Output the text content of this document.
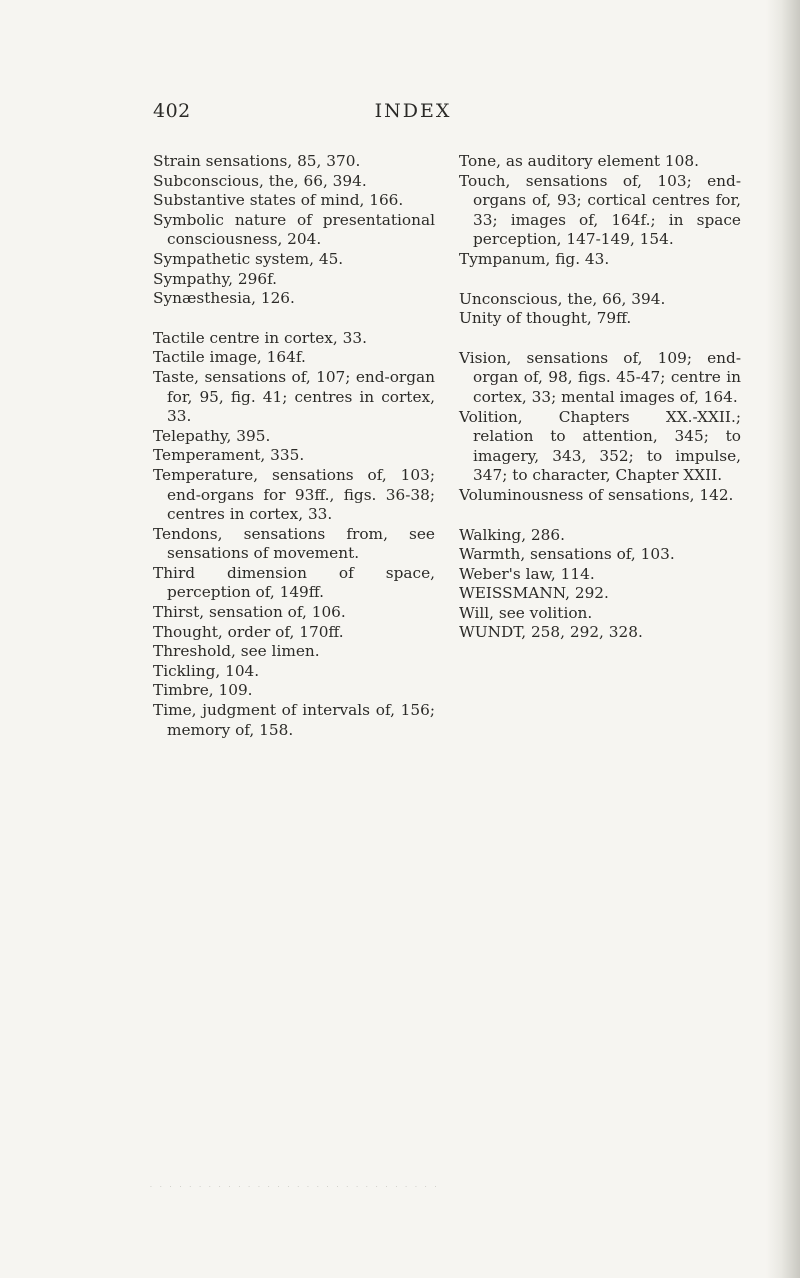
INDEX
402
Strain sensations, 85, 370.
Subconscious, the, 66, 394.
Substantive states of mind, 166.
Symbolic nature of presentational consciousness, 204.
Sympathetic system, 45.
Sympathy, 296f.
Synæsthesia, 126.
Tactile centre in cortex, 33.
Tactile image, 164f.
Taste, sensations of, 107; end-organ for, 95, fig. 41; centres in cortex, 33.
Telepathy, 395.
Temperament, 335.
Temperature, sensations of, 103; end-organs for 93ff., figs. 36-38; centres in cortex, 33.
Tendons, sensations from, see sensations of movement.
Third dimension of space, perception of, 149ff.
Thirst, sensation of, 106.
Thought, order of, 170ff.
Threshold, see limen.
Tickling, 104.
Timbre, 109.
Time, judgment of intervals of, 156; memory of, 158.
Tone, as auditory element 108.
Touch, sensations of, 103; end-organs of, 93; cortical centres for, 33; images of, 164f.; in space perception, 147-149, 154.
Tympanum, fig. 43.
Unconscious, the, 66, 394.
Unity of thought, 79ff.
Vision, sensations of, 109; end-organ of, 98, figs. 45-47; centre in cortex, 33; mental images of, 164.
Volition, Chapters XX.-XXII.; relation to attention, 345; to imagery, 343, 352; to impulse, 347; to character, Chapter XXII.
Voluminousness of sensations, 142.
Walking, 286.
Warmth, sensations of, 103.
Weber's law, 114.
WEISSMANN, 292.
Will, see volition.
WUNDT, 258, 292, 328.
. . . . . . . . . . . . . . . . . . . . . . . . . . . . . .
